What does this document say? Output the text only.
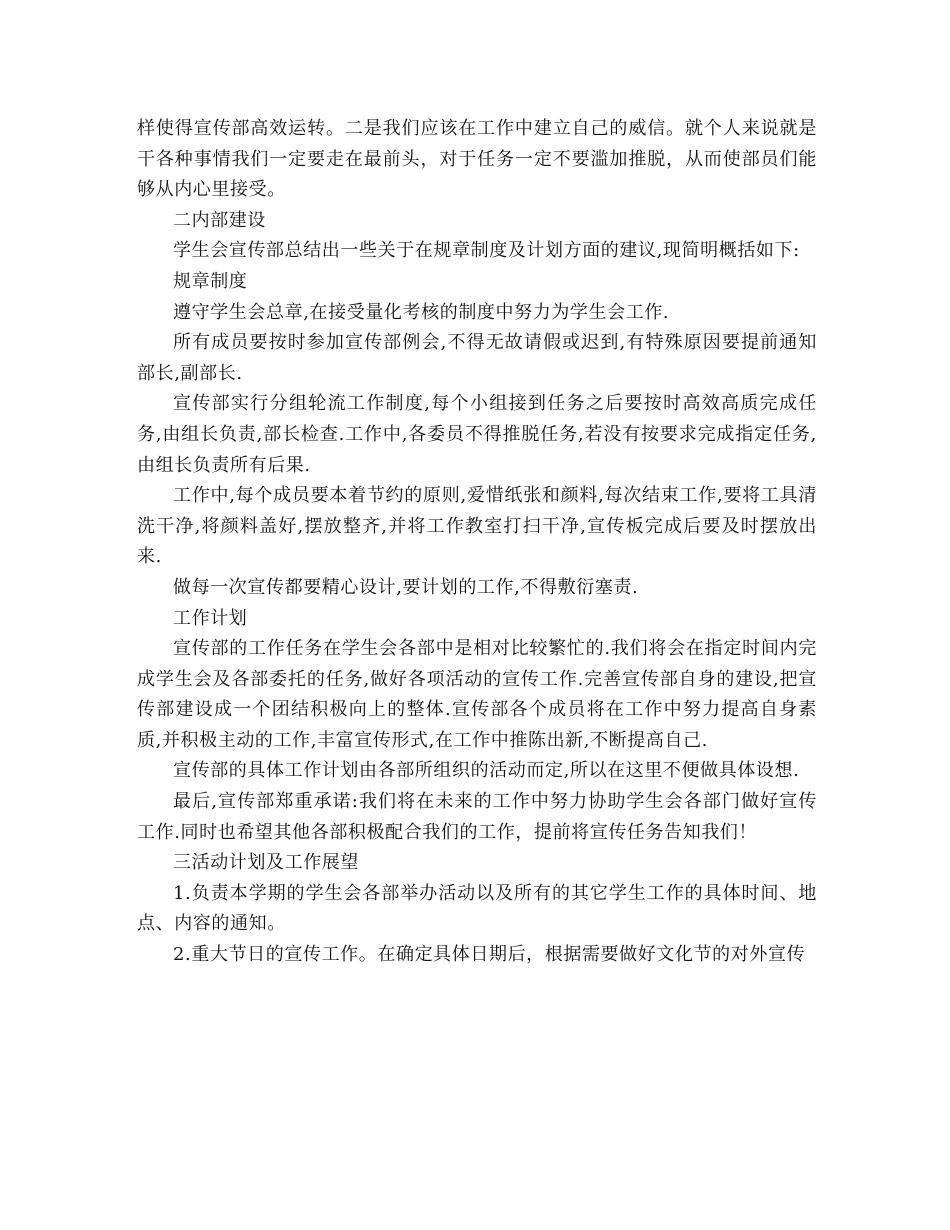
样使得宣传部高效运转。二是我们应该在工作中建立自己的威信。就个人来说就是干各种事情我们一定要走在最前头，对于任务一定不要滥加推脱，从而使部员们能够从内心里接受。

二内部建设

学生会宣传部总结出一些关于在规章制度及计划方面的建议,现简明概括如下:

规章制度

遵守学生会总章,在接受量化考核的制度中努力为学生会工作.

所有成员要按时参加宣传部例会,不得无故请假或迟到,有特殊原因要提前通知部长,副部长.

宣传部实行分组轮流工作制度,每个小组接到任务之后要按时高效高质完成任务,由组长负责,部长检查.工作中,各委员不得推脱任务,若没有按要求完成指定任务,由组长负责所有后果.

工作中,每个成员要本着节约的原则,爱惜纸张和颜料,每次结束工作,要将工具清洗干净,将颜料盖好,摆放整齐,并将工作教室打扫干净,宣传板完成后要及时摆放出来.

做每一次宣传都要精心设计,要计划的工作,不得敷衍塞责.

工作计划

宣传部的工作任务在学生会各部中是相对比较繁忙的.我们将会在指定时间内完成学生会及各部委托的任务,做好各项活动的宣传工作.完善宣传部自身的建设,把宣传部建设成一个团结积极向上的整体.宣传部各个成员将在工作中努力提高自身素质,并积极主动的工作,丰富宣传形式,在工作中推陈出新,不断提高自己.

宣传部的具体工作计划由各部所组织的活动而定,所以在这里不便做具体设想.

最后,宣传部郑重承诺:我们将在未来的工作中努力协助学生会各部门做好宣传工作.同时也希望其他各部积极配合我们的工作，提前将宣传任务告知我们！

三活动计划及工作展望

1.负责本学期的学生会各部举办活动以及所有的其它学生工作的具体时间、地点、内容的通知。

2.重大节日的宣传工作。在确定具体日期后，根据需要做好文化节的对外宣传
